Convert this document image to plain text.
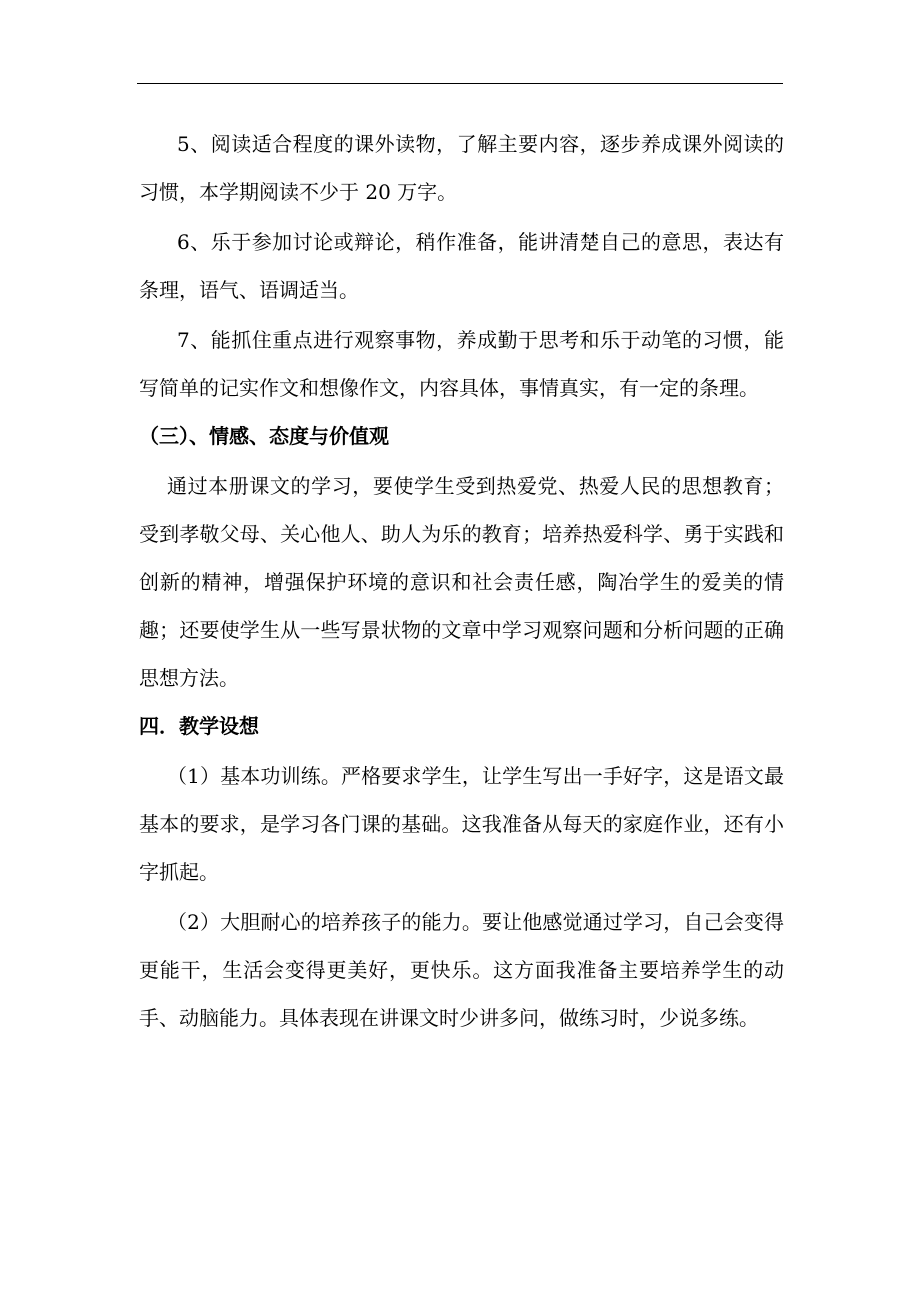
5、阅读适合程度的课外读物，了解主要内容，逐步养成课外阅读的习惯，本学期阅读不少于 20 万字。

6、乐于参加讨论或辩论，稍作准备，能讲清楚自己的意思，表达有条理，语气、语调适当。

7、能抓住重点进行观察事物，养成勤于思考和乐于动笔的习惯，能写简单的记实作文和想像作文，内容具体，事情真实，有一定的条理。

（三）、情感、态度与价值观

通过本册课文的学习，要使学生受到热爱党、热爱人民的思想教育；受到孝敬父母、关心他人、助人为乐的教育；培养热爱科学、勇于实践和创新的精神，增强保护环境的意识和社会责任感，陶冶学生的爱美的情趣；还要使学生从一些写景状物的文章中学习观察问题和分析问题的正确思想方法。

四．教学设想

（1）基本功训练。严格要求学生，让学生写出一手好字，这是语文最基本的要求，是学习各门课的基础。这我准备从每天的家庭作业，还有小字抓起。

（2）大胆耐心的培养孩子的能力。要让他感觉通过学习，自己会变得更能干，生活会变得更美好，更快乐。这方面我准备主要培养学生的动手、动脑能力。具体表现在讲课文时少讲多问，做练习时，少说多练。
